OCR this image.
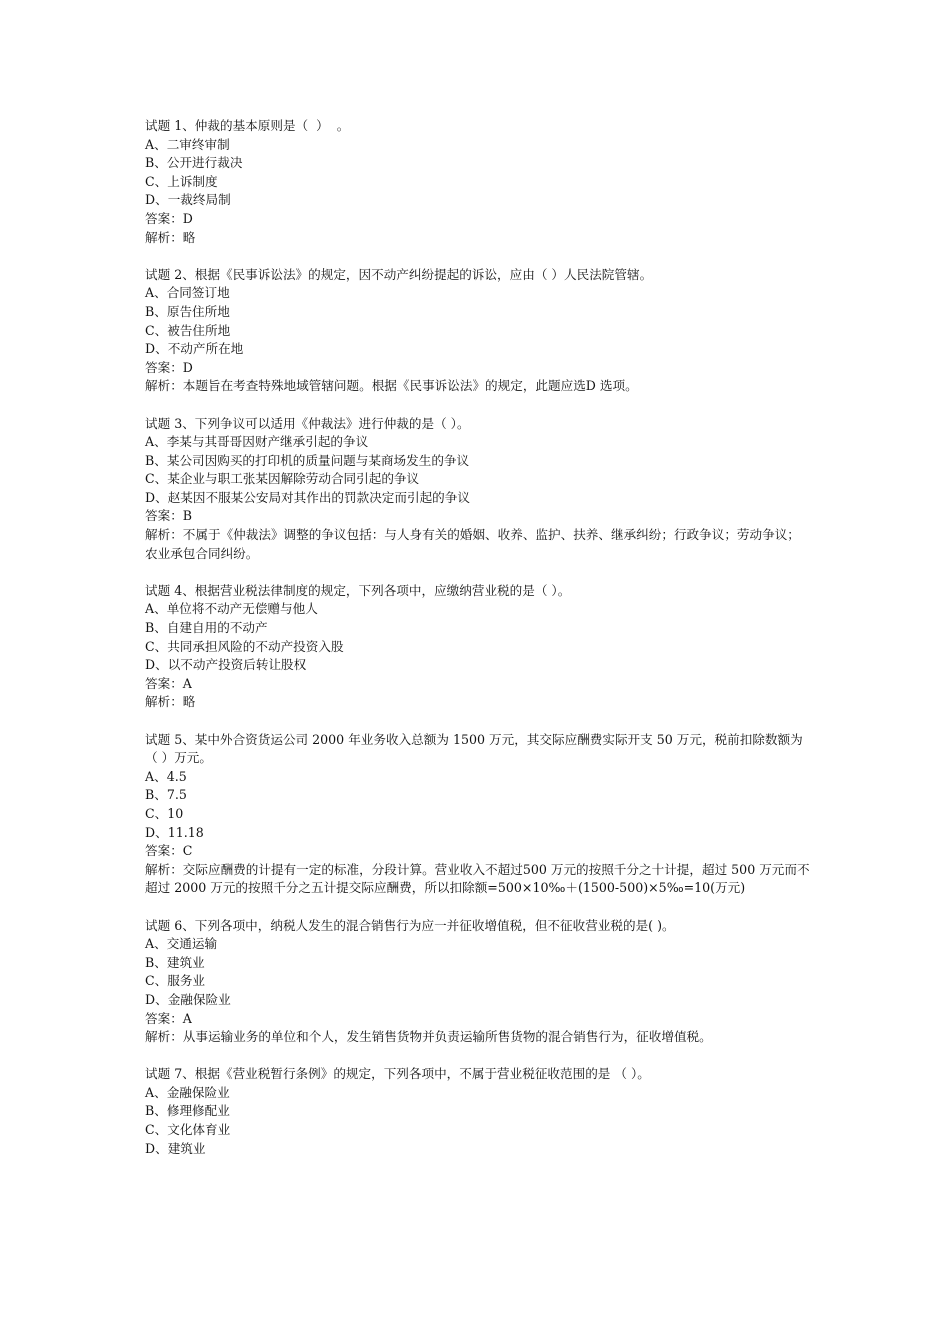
试题 1、仲裁的基本原则是（  ）  。
A、二审终审制
B、公开进行裁决
C、上诉制度
D、一裁终局制
答案：D
解析：略
试题 2、根据《民事诉讼法》的规定，因不动产纠纷提起的诉讼，应由（ ）人民法院管辖。
A、合同签订地
B、原告住所地
C、被告住所地
D、不动产所在地
答案：D
解析：本题旨在考查特殊地域管辖问题。根据《民事诉讼法》的规定，此题应选D 选项。
试题 3、下列争议可以适用《仲裁法》进行仲裁的是（ ）。
A、李某与其哥哥因财产继承引起的争议
B、某公司因购买的打印机的质量问题与某商场发生的争议
C、某企业与职工张某因解除劳动合同引起的争议
D、赵某因不服某公安局对其作出的罚款决定而引起的争议
答案：B
解析：不属于《仲裁法》调整的争议包括：与人身有关的婚姻、收养、监护、扶养、继承纠纷；行政争议；劳动争议；农业承包合同纠纷。
试题 4、根据营业税法律制度的规定，下列各项中，应缴纳营业税的是（ ）。
A、单位将不动产无偿赠与他人
B、自建自用的不动产
C、共同承担风险的不动产投资入股
D、以不动产投资后转让股权
答案：A
解析：略
试题 5、某中外合资货运公司 2000 年业务收入总额为 1500 万元，其交际应酬费实际开支 50 万元，税前扣除数额为（ ）万元。
A、4.5
B、7.5
C、10
D、11.18
答案：C
解析：交际应酬费的计提有一定的标准，分段计算。营业收入不超过500 万元的按照千分之十计提，超过 500 万元而不超过 2000 万元的按照千分之五计提交际应酬费，所以扣除额=500×10‰＋(1500-500)×5‰=10(万元)
试题 6、下列各项中，纳税人发生的混合销售行为应一并征收增值税，但不征收营业税的是( )。
A、交通运输
B、建筑业
C、服务业
D、金融保险业
答案：A
解析：从事运输业务的单位和个人，发生销售货物并负责运输所售货物的混合销售行为，征收增值税。
试题 7、根据《营业税暂行条例》的规定，下列各项中，不属于营业税征收范围的是 （ ）。
A、金融保险业
B、修理修配业
C、文化体育业
D、建筑业
